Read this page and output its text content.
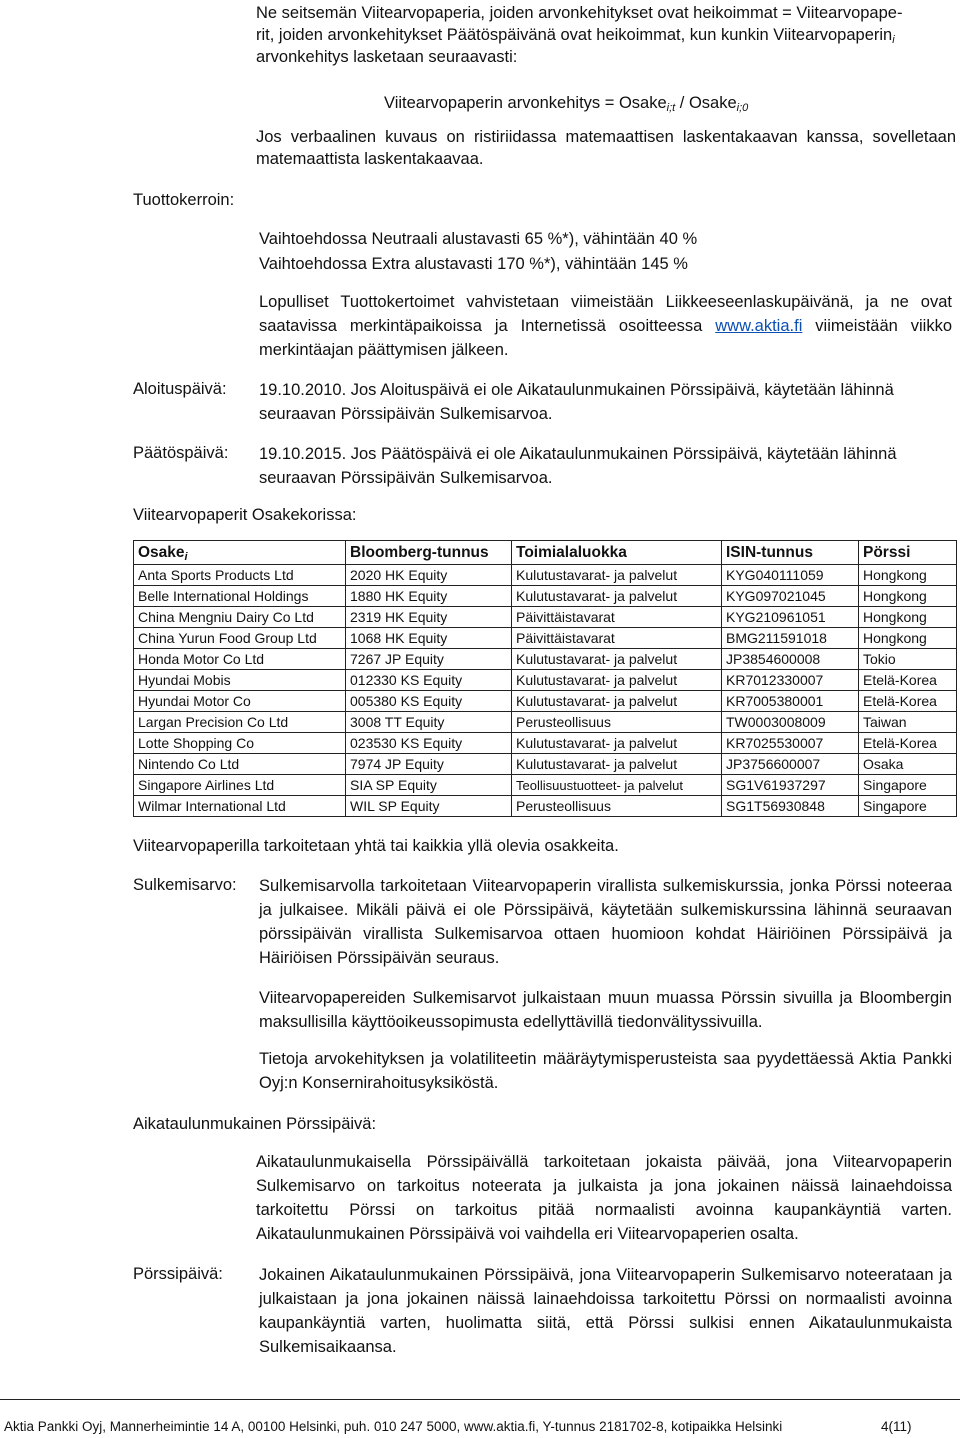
Ne seitsemän Viitearvopaperia, joiden arvonkehitykset ovat heikoimmat = Viitearvopape-
rit, joiden arvonkehitykset Päätöspäivänä ovat heikoimmat, kun kunkin Viitearvopaperin$_i$
arvonkehitys lasketaan seuraavasti:
Viitearvopaperin arvonkehitys = Osake$_{i;t}$ / Osake$_{i;0}$
Jos verbaalinen kuvaus on ristiriidassa matemaattisen laskentakaavan kanssa, sovelletaan matemaattista laskentakaavaa.
Tuottokerroin:
Vaihtoehdossa Neutraali alustavasti 65 %*), vähintään 40 %
Vaihtoehdossa Extra alustavasti 170 %*), vähintään 145 %
Lopulliset Tuottokertoimet vahvistetaan viimeistään Liikkeeseenlaskupäivänä, ja ne ovat saatavissa merkintäpaikoissa ja Internetissä osoitteessa www.aktia.fi viimeistään viikko merkintäajan päättymisen jälkeen.
Aloituspäivä: 19.10.2010. Jos Aloituspäivä ei ole Aikataulunmukainen Pörssipäivä, käytetään lähinnä seuraavan Pörssipäivän Sulkemisarvoa.
Päätöspäivä: 19.10.2015. Jos Päätöspäivä ei ole Aikataulunmukainen Pörssipäivä, käytetään lähinnä seuraavan Pörssipäivän Sulkemisarvoa.
Viitearvopaperit Osakekorissa:
Osake$_i$	Bloomberg-tunnus	Toimialaluokka	ISIN-tunnus	Pörssi
Anta Sports Products Ltd	2020 HK Equity	Kulutustavarat- ja palvelut	KYG040111059	Hongkong
Belle International Holdings	1880 HK Equity	Kulutustavarat- ja palvelut	KYG097021045	Hongkong
China Mengniu Dairy Co Ltd	2319 HK Equity	Päivittäistavarat	KYG210961051	Hongkong
China Yurun Food Group Ltd	1068 HK Equity	Päivittäistavarat	BMG211591018	Hongkong
Honda Motor Co Ltd	7267 JP Equity	Kulutustavarat- ja palvelut	JP3854600008	Tokio
Hyundai Mobis	012330 KS Equity	Kulutustavarat- ja palvelut	KR7012330007	Etelä-Korea
Hyundai Motor Co	005380 KS Equity	Kulutustavarat- ja palvelut	KR7005380001	Etelä-Korea
Largan Precision Co Ltd	3008 TT Equity	Perusteollisuus	TW0003008009	Taiwan
Lotte Shopping Co	023530 KS Equity	Kulutustavarat- ja palvelut	KR7025530007	Etelä-Korea
Nintendo Co Ltd	7974 JP Equity	Kulutustavarat- ja palvelut	JP3756600007	Osaka
Singapore Airlines Ltd	SIA SP Equity	Teollisuustuotteet- ja palvelut	SG1V61937297	Singapore
Wilmar International Ltd	WIL SP Equity	Perusteollisuus	SG1T56930848	Singapore
Viitearvopaperilla tarkoitetaan yhtä tai kaikkia yllä olevia osakkeita.
Sulkemisarvo: Sulkemisarvolla tarkoitetaan Viitearvopaperin virallista sulkemiskurssia, jonka Pörssi noteeraa ja julkaisee. Mikäli päivä ei ole Pörssipäivä, käytetään sulkemiskurssina lähinnä seuraavan pörssipäivän virallista Sulkemisarvoa ottaen huomioon kohdat Häiriöinen Pörssipäivä ja Häiriöisen Pörssipäivän seuraus.
Viitearvopapereiden Sulkemisarvot julkaistaan muun muassa Pörssin sivuilla ja Bloombergin maksullisilla käyttöoikeussopimusta edellyttävillä tiedonvälityssivuilla.
Tietoja arvokehityksen ja volatiliteetin määräytymisperusteista saa pyydettäessä Aktia Pankki Oyj:n Konsernirahoitusyksiköstä.
Aikataulunmukainen Pörssipäivä:
Aikataulunmukaisella Pörssipäivällä tarkoitetaan jokaista päivää, jona Viitearvopaperin Sulkemisarvo on tarkoitus noteerata ja julkaista ja jona jokainen näissä lainaehdoissa tarkoitettu Pörssi on tarkoitus pitää normaalisti avoinna kaupankäyntiä varten. Aikataulunmukainen Pörssipäivä voi vaihdella eri Viitearvopaperien osalta.
Pörssipäivä: Jokainen Aikataulunmukainen Pörssipäivä, jona Viitearvopaperin Sulkemisarvo noteerataan ja julkaistaan ja jona jokainen näissä lainaehdoissa tarkoitettu Pörssi on normaalisti avoinna kaupankäyntiä varten, huolimatta siitä, että Pörssi sulkisi ennen Aikataulunmukaista Sulkemisaikaansa.
Aktia Pankki Oyj, Mannerheimintie 14 A, 00100 Helsinki, puh. 010 247 5000, www.aktia.fi, Y-tunnus 2181702-8, kotipaikka Helsinki	4(11)
